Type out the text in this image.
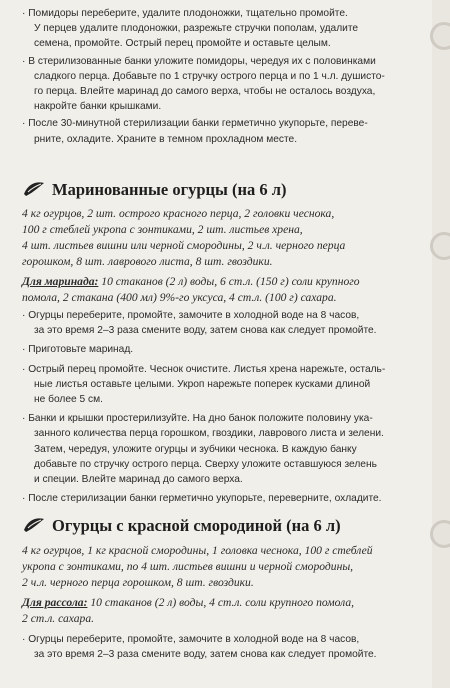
· Помидоры переберите, удалите плодоножки, тщательно промойте.
У перцев удалите плодоножки, разрежьте стручки пополам, удалите
семена, промойте. Острый перец промойте и оставьте целым.
· В стерилизованные банки уложите помидоры, чередуя их с половинками
сладкого перца. Добавьте по 1 стручку острого перца и по 1 ч.л. душисто-
го перца. Влейте маринад до самого верха, чтобы не осталось воздуха,
накройте банки крышками.
· После 30-минутной стерилизации банки герметично укупорьте, переве-
рните, охладите. Храните в темном прохладном месте.
Маринованные огурцы (на 6 л)
4 кг огурцов, 2 шт. острого красного перца, 2 головки чеснока,
100 г стеблей укропа с зонтиками, 2 шт. листьев хрена,
4 шт. листьев вишни или черной смородины, 2 ч.л. черного перца
горошком, 8 шт. лаврового листа, 8 шт. гвоздики.
Для маринада: 10 стаканов (2 л) воды, 6 ст.л. (150 г) соли крупного
помола, 2 стакана (400 мл) 9%-го уксуса, 4 ст.л. (100 г) сахара.
· Огурцы переберите, промойте, замочите в холодной воде на 8 часов,
за это время 2–3 раза смените воду, затем снова как следует промойте.
· Приготовьте маринад.
· Острый перец промойте. Чеснок очистите. Листья хрена нарежьте, осталь-
ные листья оставьте целыми. Укроп нарежьте поперек кусками длиной
не более 5 см.
· Банки и крышки простерилизуйте. На дно банок положите половину ука-
занного количества перца горошком, гвоздики, лаврового листа и зелени.
Затем, чередуя, уложите огурцы и зубчики чеснока. В каждую банку
добавьте по стручку острого перца. Сверху уложите оставшуюся зелень
и специи. Влейте маринад до самого верха.
· После стерилизации банки герметично укупорьте, переверните, охладите.
Огурцы с красной смородиной (на 6 л)
4 кг огурцов, 1 кг красной смородины, 1 головка чеснока, 100 г стеблей
укропа с зонтиками, по 4 шт. листьев вишни и черной смородины,
2 ч.л. черного перца горошком, 8 шт. гвоздики.
Для рассола: 10 стаканов (2 л) воды, 4 ст.л. соли крупного помола,
2 ст.л. сахара.
· Огурцы переберите, промойте, замочите в холодной воде на 8 часов,
за это время 2–3 раза смените воду, затем снова как следует промойте.
